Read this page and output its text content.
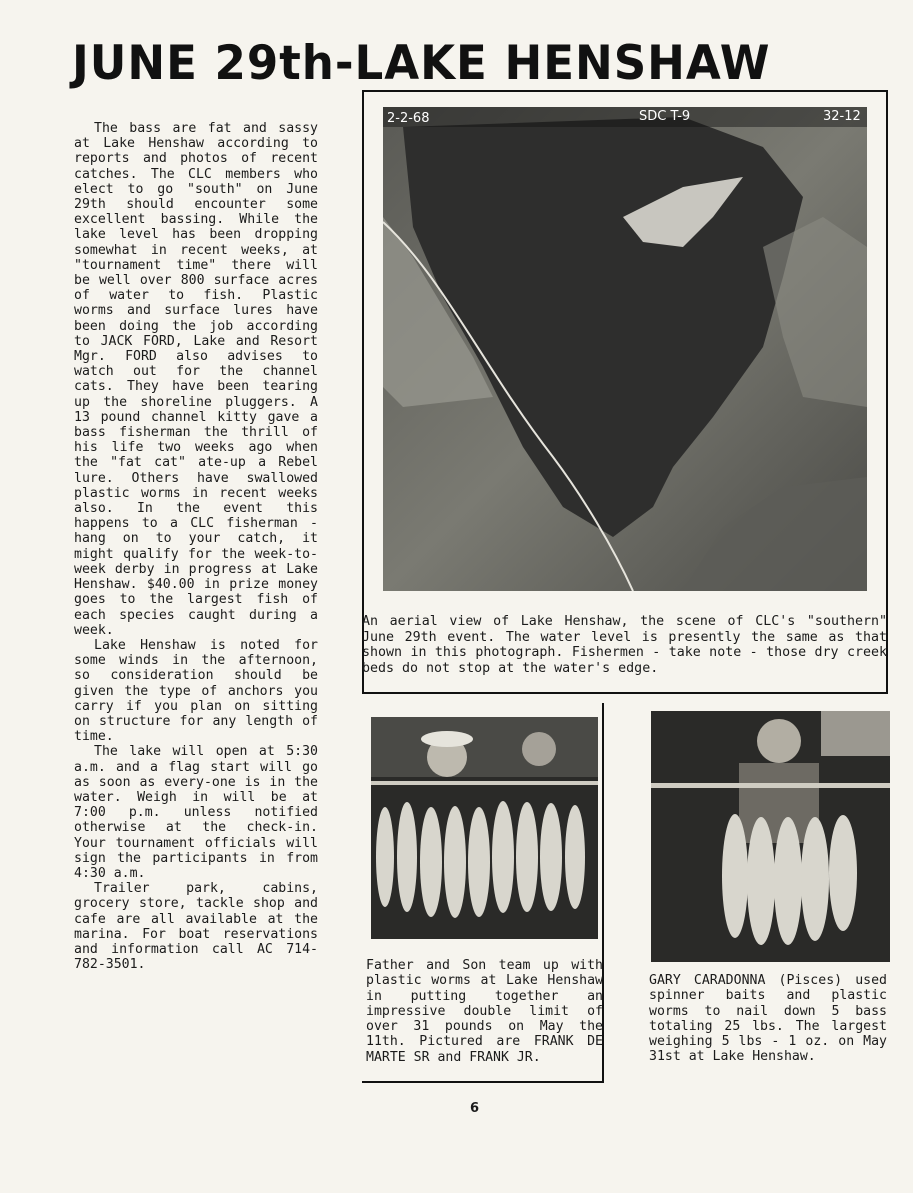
JUNE 29th-LAKE HENSHAW

The bass are fat and sassy at Lake Henshaw according to reports and photos of recent catches. The CLC members who elect to go "south" on June 29th should encounter some excellent bassing. While the lake level has been dropping somewhat in recent weeks, at "tournament time" there will be well over 800 surface acres of water to fish. Plastic worms and surface lures have been doing the job according to JACK FORD, Lake and Resort Mgr. FORD also advises to watch out for the channel cats. They have been tearing up the shoreline pluggers. A 13 pound channel kitty gave a bass fisherman the thrill of his life two weeks ago when the "fat cat" ate-up a Rebel lure. Others have swallowed plastic worms in recent weeks also. In the event this happens to a CLC fisherman - hang on to your catch, it might qualify for the week-to-week derby in progress at Lake Henshaw. $40.00 in prize money goes to the largest fish of each species caught during a week.

Lake Henshaw is noted for some winds in the afternoon, so consideration should be given the type of anchors you carry if you plan on sitting on structure for any length of time.

The lake will open at 5:30 a.m. and a flag start will go as soon as every-one is in the water. Weigh in will be at 7:00 p.m. unless notified otherwise at the check-in. Your tournament officials will sign the participants in from 4:30 a.m.

Trailer park, cabins, grocery store, tackle shop and cafe are all available at the marina. For boat reservations and information call AC 714-782-3501.

2-2-68	SDC T-9	32-12
An aerial view of Lake Henshaw, the scene of CLC's "southern" June 29th event. The water level is presently the same as that shown in this photograph. Fishermen - take note - those dry creek beds do not stop at the water's edge.
Father and Son team up with plastic worms at Lake Henshaw in putting together an impressive double limit of over 31 pounds on May the 11th. Pictured are FRANK DE MARTE SR and FRANK JR.
GARY CARADONNA (Pisces) used spinner baits and plastic worms to nail down 5 bass totaling 25 lbs. The largest weighing 5 lbs - 1 oz. on May 31st at Lake Henshaw.
6
